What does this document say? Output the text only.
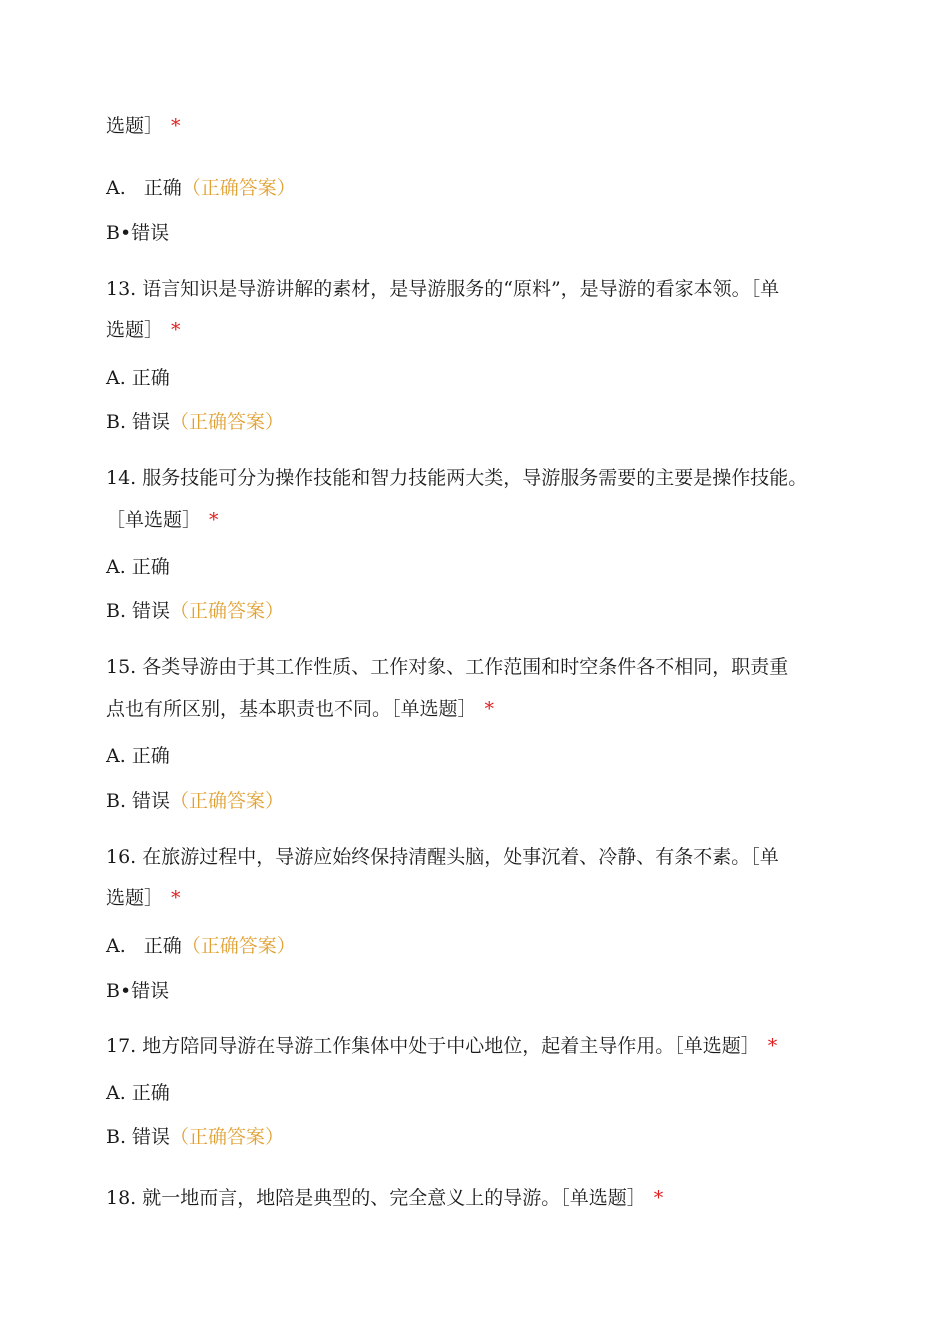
选题］ *
A. 正确（正确答案）
B•错误
13. 语言知识是导游讲解的素材，是导游服务的“原料”，是导游的看家本领。［单
选题］ *
A. 正确
B. 错误（正确答案）
14. 服务技能可分为操作技能和智力技能两大类，导游服务需要的主要是操作技能。
［单选题］ *
A. 正确
B. 错误（正确答案）
15. 各类导游由于其工作性质、工作对象、工作范围和时空条件各不相同，职责重
点也有所区别，基本职责也不同。［单选题］ *
A. 正确
B. 错误（正确答案）
16. 在旅游过程中，导游应始终保持清醒头脑，处事沉着、冷静、有条不素。［单
选题］ *
A. 正确（正确答案）
B•错误
17. 地方陪同导游在导游工作集体中处于中心地位，起着主导作用。［单选题］ *
A. 正确
B. 错误（正确答案）
18. 就一地而言，地陪是典型的、完全意义上的导游。［单选题］ *
